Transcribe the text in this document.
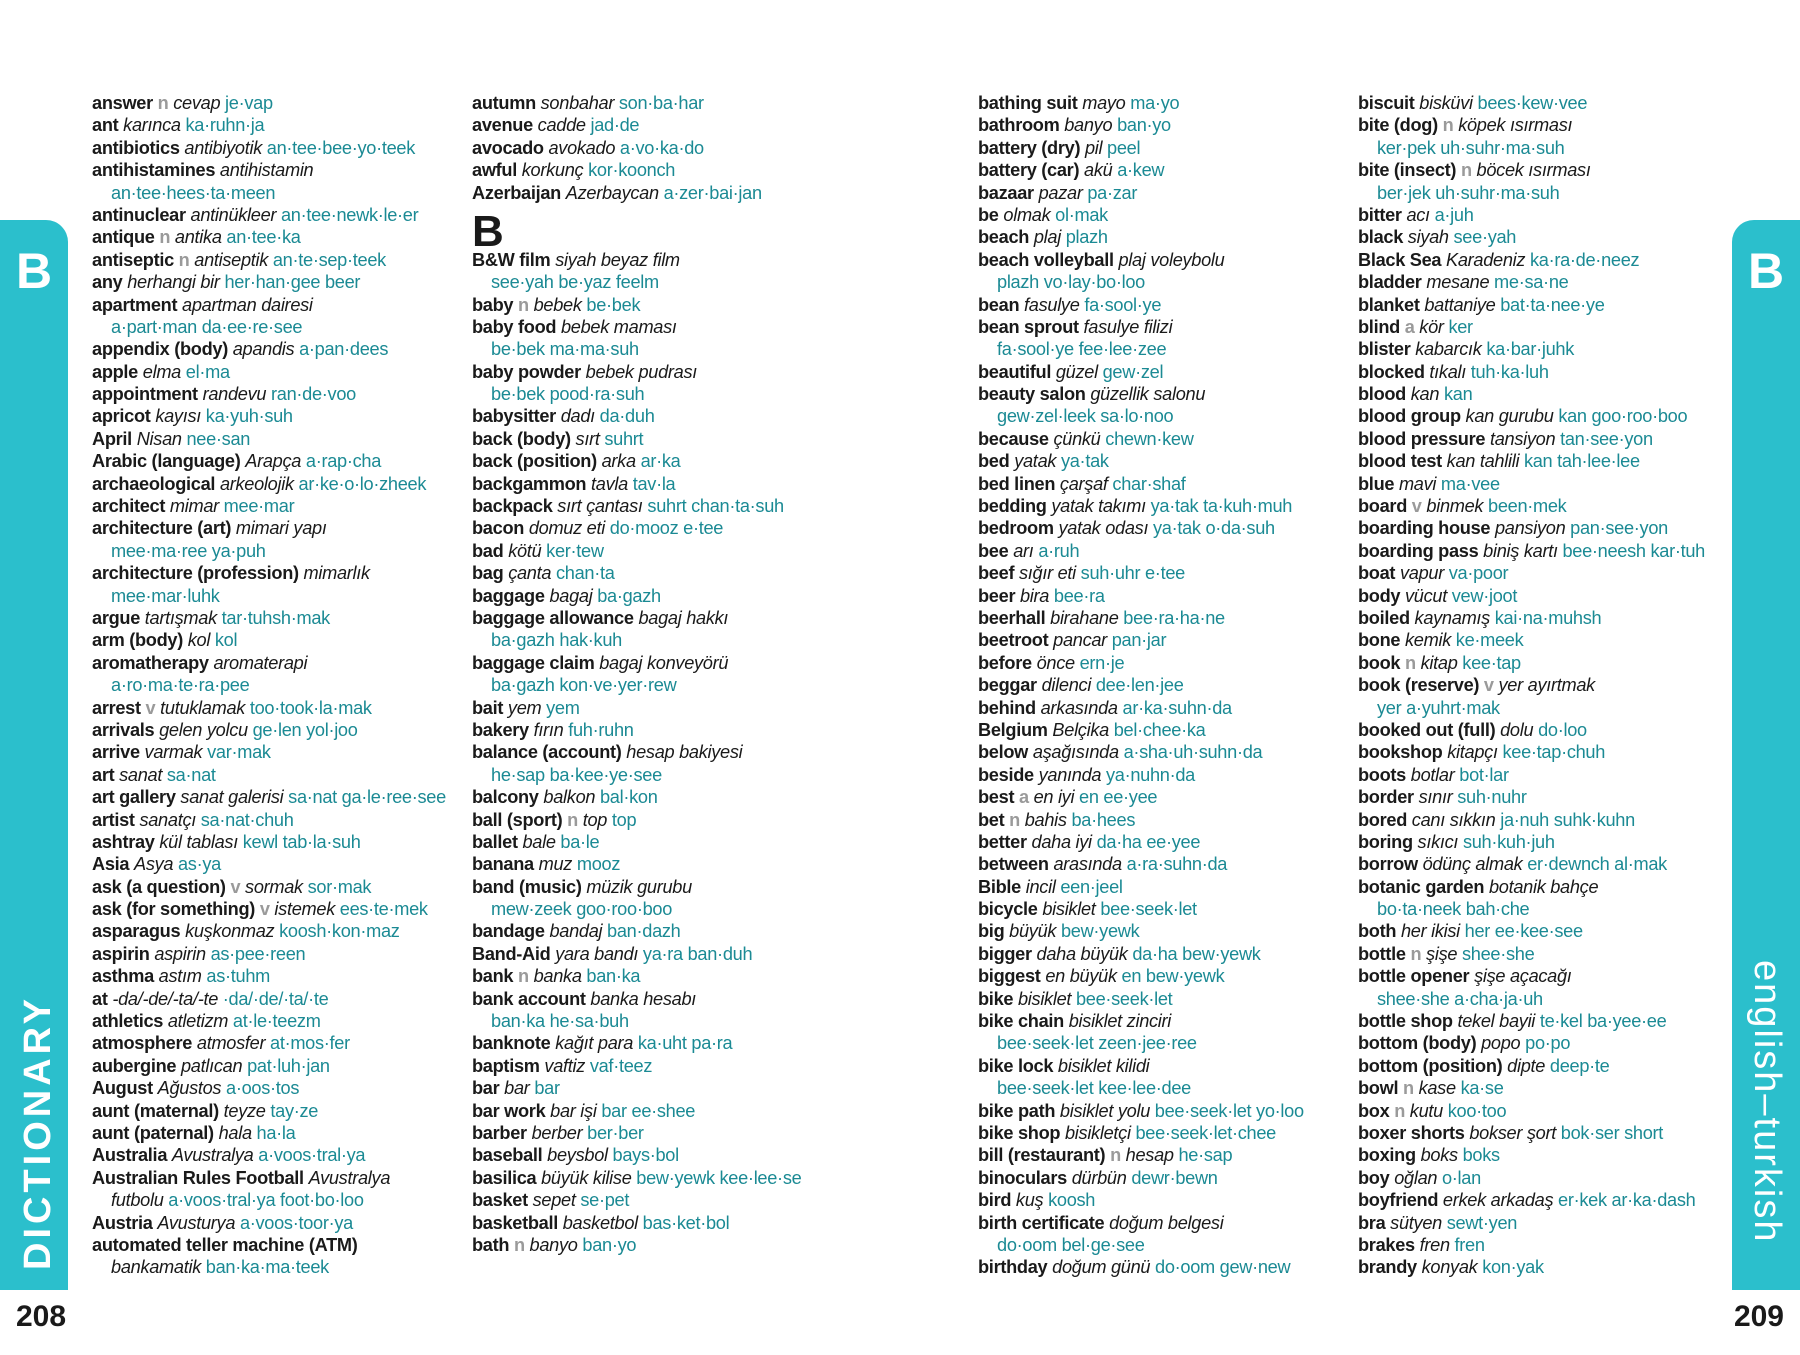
B
DICTIONARY
B
english–turkish
answer n cevap je·vap
ant karınca ka·ruhn·ja
antibiotics antibiyotik an·tee·bee·yo·teek
antihistamines antihistamin
an·tee·hees·ta·meen
antinuclear antinükleer an·tee·newk·le·er
antique n antika an·tee·ka
antiseptic n antiseptik an·te·sep·teek
any herhangi bir her·han·gee beer
apartment apartman dairesi
a·part·man da·ee·re·see
appendix (body) apandis a·pan·dees
apple elma el·ma
appointment randevu ran·de·voo
apricot kayısı ka·yuh·suh
April Nisan nee·san
Arabic (language) Arapça a·rap·cha
archaeological arkeolojik ar·ke·o·lo·zheek
architect mimar mee·mar
architecture (art) mimari yapı
mee·ma·ree ya·puh
architecture (profession) mimarlık
mee·mar·luhk
argue tartışmak tar·tuhsh·mak
arm (body) kol kol
aromatherapy aromaterapi
a·ro·ma·te·ra·pee
arrest v tutuklamak too·took·la·mak
arrivals gelen yolcu ge·len yol·joo
arrive varmak var·mak
art sanat sa·nat
art gallery sanat galerisi sa·nat ga·le·ree·see
artist sanatçı sa·nat·chuh
ashtray kül tablası kewl tab·la·suh
Asia Asya as·ya
ask (a question) v sormak sor·mak
ask (for something) v istemek ees·te·mek
asparagus kuşkonmaz koosh·kon·maz
aspirin aspirin as·pee·reen
asthma astım as·tuhm
at -da/-de/-ta/-te ·da/·de/·ta/·te
athletics atletizm at·le·teezm
atmosphere atmosfer at·mos·fer
aubergine patlıcan pat·luh·jan
August Ağustos a·oos·tos
aunt (maternal) teyze tay·ze
aunt (paternal) hala ha·la
Australia Avustralya a·voos·tral·ya
Australian Rules Football Avustralya
futbolu a·voos·tral·ya foot·bo·loo
Austria Avusturya a·voos·toor·ya
automated teller machine (ATM)
bankamatik ban·ka·ma·teek
autumn sonbahar son·ba·har
avenue cadde jad·de
avocado avokado a·vo·ka·do
awful korkunç kor·koonch
Azerbaijan Azerbaycan a·zer·bai·jan
B
B&W film siyah beyaz film
see·yah be·yaz feelm
baby n bebek be·bek
baby food bebek maması
be·bek ma·ma·suh
baby powder bebek pudrası
be·bek pood·ra·suh
babysitter dadı da·duh
back (body) sırt suhrt
back (position) arka ar·ka
backgammon tavla tav·la
backpack sırt çantası suhrt chan·ta·suh
bacon domuz eti do·mooz e·tee
bad kötü ker·tew
bag çanta chan·ta
baggage bagaj ba·gazh
baggage allowance bagaj hakkı
ba·gazh hak·kuh
baggage claim bagaj konveyörü
ba·gazh kon·ve·yer·rew
bait yem yem
bakery fırın fuh·ruhn
balance (account) hesap bakiyesi
he·sap ba·kee·ye·see
balcony balkon bal·kon
ball (sport) n top top
ballet bale ba·le
banana muz mooz
band (music) müzik gurubu
mew·zeek goo·roo·boo
bandage bandaj ban·dazh
Band-Aid yara bandı ya·ra ban·duh
bank n banka ban·ka
bank account banka hesabı
ban·ka he·sa·buh
banknote kağıt para ka·uht pa·ra
baptism vaftiz vaf·teez
bar bar bar
bar work bar işi bar ee·shee
barber berber ber·ber
baseball beysbol bays·bol
basilica büyük kilise bew·yewk kee·lee·se
basket sepet se·pet
basketball basketbol bas·ket·bol
bath n banyo ban·yo
bathing suit mayo ma·yo
bathroom banyo ban·yo
battery (dry) pil peel
battery (car) akü a·kew
bazaar pazar pa·zar
be olmak ol·mak
beach plaj plazh
beach volleyball plaj voleybolu
plazh vo·lay·bo·loo
bean fasulye fa·sool·ye
bean sprout fasulye filizi
fa·sool·ye fee·lee·zee
beautiful güzel gew·zel
beauty salon güzellik salonu
gew·zel·leek sa·lo·noo
because çünkü chewn·kew
bed yatak ya·tak
bed linen çarşaf char·shaf
bedding yatak takımı ya·tak ta·kuh·muh
bedroom yatak odası ya·tak o·da·suh
bee arı a·ruh
beef sığır eti suh·uhr e·tee
beer bira bee·ra
beerhall birahane bee·ra·ha·ne
beetroot pancar pan·jar
before önce ern·je
beggar dilenci dee·len·jee
behind arkasında ar·ka·suhn·da
Belgium Belçika bel·chee·ka
below aşağısında a·sha·uh·suhn·da
beside yanında ya·nuhn·da
best a en iyi en ee·yee
bet n bahis ba·hees
better daha iyi da·ha ee·yee
between arasında a·ra·suhn·da
Bible incil een·jeel
bicycle bisiklet bee·seek·let
big büyük bew·yewk
bigger daha büyük da·ha bew·yewk
biggest en büyük en bew·yewk
bike bisiklet bee·seek·let
bike chain bisiklet zinciri
bee·seek·let zeen·jee·ree
bike lock bisiklet kilidi
bee·seek·let kee·lee·dee
bike path bisiklet yolu bee·seek·let yo·loo
bike shop bisikletçi bee·seek·let·chee
bill (restaurant) n hesap he·sap
binoculars dürbün dewr·bewn
bird kuş koosh
birth certificate doğum belgesi
do·oom bel·ge·see
birthday doğum günü do·oom gew·new
biscuit bisküvi bees·kew·vee
bite (dog) n köpek ısırması
ker·pek uh·suhr·ma·suh
bite (insect) n böcek ısırması
ber·jek uh·suhr·ma·suh
bitter acı a·juh
black siyah see·yah
Black Sea Karadeniz ka·ra·de·neez
bladder mesane me·sa·ne
blanket battaniye bat·ta·nee·ye
blind a kör ker
blister kabarcık ka·bar·juhk
blocked tıkalı tuh·ka·luh
blood kan kan
blood group kan gurubu kan goo·roo·boo
blood pressure tansiyon tan·see·yon
blood test kan tahlili kan tah·lee·lee
blue mavi ma·vee
board v binmek been·mek
boarding house pansiyon pan·see·yon
boarding pass biniş kartı bee·neesh kar·tuh
boat vapur va·poor
body vücut vew·joot
boiled kaynamış kai·na·muhsh
bone kemik ke·meek
book n kitap kee·tap
book (reserve) v yer ayırtmak
yer a·yuhrt·mak
booked out (full) dolu do·loo
bookshop kitapçı kee·tap·chuh
boots botlar bot·lar
border sınır suh·nuhr
bored canı sıkkın ja·nuh suhk·kuhn
boring sıkıcı suh·kuh·juh
borrow ödünç almak er·dewnch al·mak
botanic garden botanik bahçe
bo·ta·neek bah·che
both her ikisi her ee·kee·see
bottle n şişe shee·she
bottle opener şişe açacağı
shee·she a·cha·ja·uh
bottle shop tekel bayii te·kel ba·yee·ee
bottom (body) popo po·po
bottom (position) dipte deep·te
bowl n kase ka·se
box n kutu koo·too
boxer shorts bokser şort bok·ser short
boxing boks boks
boy oğlan o·lan
boyfriend erkek arkadaş er·kek ar·ka·dash
bra sütyen sewt·yen
brakes fren fren
brandy konyak kon·yak
208	209
